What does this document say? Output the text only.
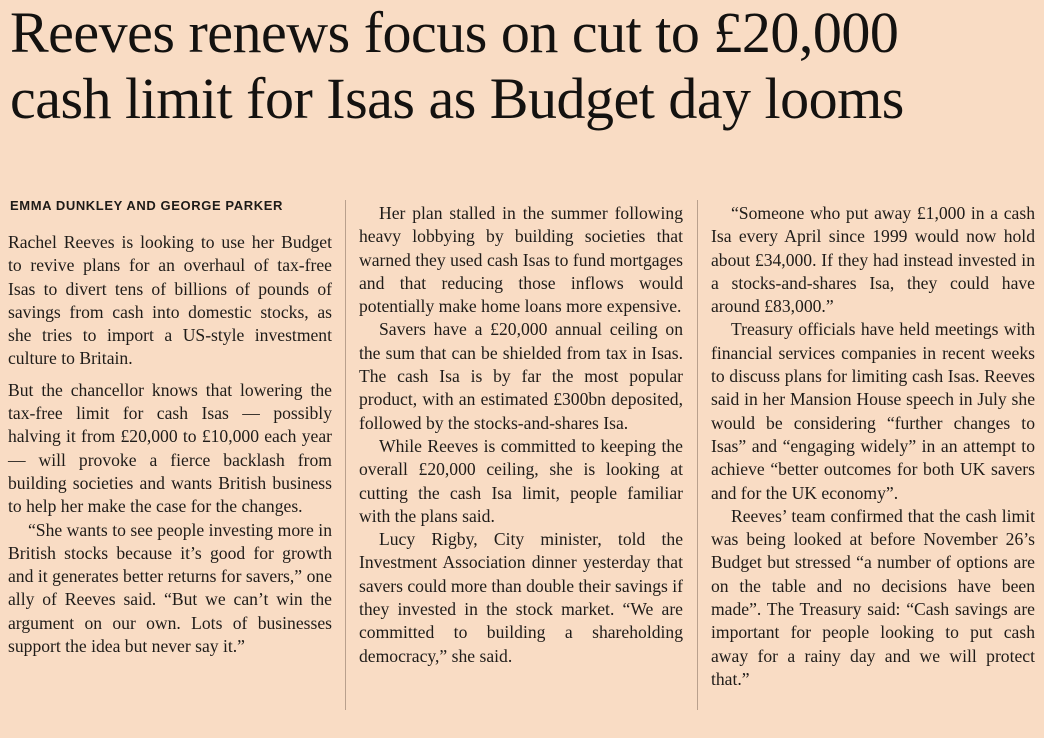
Reeves renews focus on cut to £20,000
cash limit for Isas as Budget day looms
EMMA DUNKLEY AND GEORGE PARKER

Rachel Reeves is looking to use her Budget to revive plans for an overhaul of tax-free Isas to divert tens of billions of pounds of savings from cash into domestic stocks, as she tries to import a US-style investment culture to Britain.

But the chancellor knows that lowering the tax-free limit for cash Isas — possibly halving it from £20,000 to £10,000 each year — will provoke a fierce backlash from building societies and wants British business to help her make the case for the changes.

“She wants to see people investing more in British stocks because it’s good for growth and it generates better returns for savers,” one ally of Reeves said. “But we can’t win the argument on our own. Lots of businesses support the idea but never say it.”

Her plan stalled in the summer following heavy lobbying by building societies that warned they used cash Isas to fund mortgages and that reducing those inflows would potentially make home loans more expensive.

Savers have a £20,000 annual ceiling on the sum that can be shielded from tax in Isas. The cash Isa is by far the most popular product, with an estimated £300bn deposited, followed by the stocks-and-shares Isa.

While Reeves is committed to keeping the overall £20,000 ceiling, she is looking at cutting the cash Isa limit, people familiar with the plans said.

Lucy Rigby, City minister, told the Investment Association dinner yesterday that savers could more than double their savings if they invested in the stock market. “We are committed to building a shareholding democracy,” she said.

“Someone who put away £1,000 in a cash Isa every April since 1999 would now hold about £34,000. If they had instead invested in a stocks-and-shares Isa, they could have around £83,000.”

Treasury officials have held meetings with financial services companies in recent weeks to discuss plans for limiting cash Isas. Reeves said in her Mansion House speech in July she would be considering “further changes to Isas” and “engaging widely” in an attempt to achieve “better outcomes for both UK savers and for the UK economy”.

Reeves’ team confirmed that the cash limit was being looked at before November 26’s Budget but stressed “a number of options are on the table and no decisions have been made”. The Treasury said: “Cash savings are important for people looking to put cash away for a rainy day and we will protect that.”
